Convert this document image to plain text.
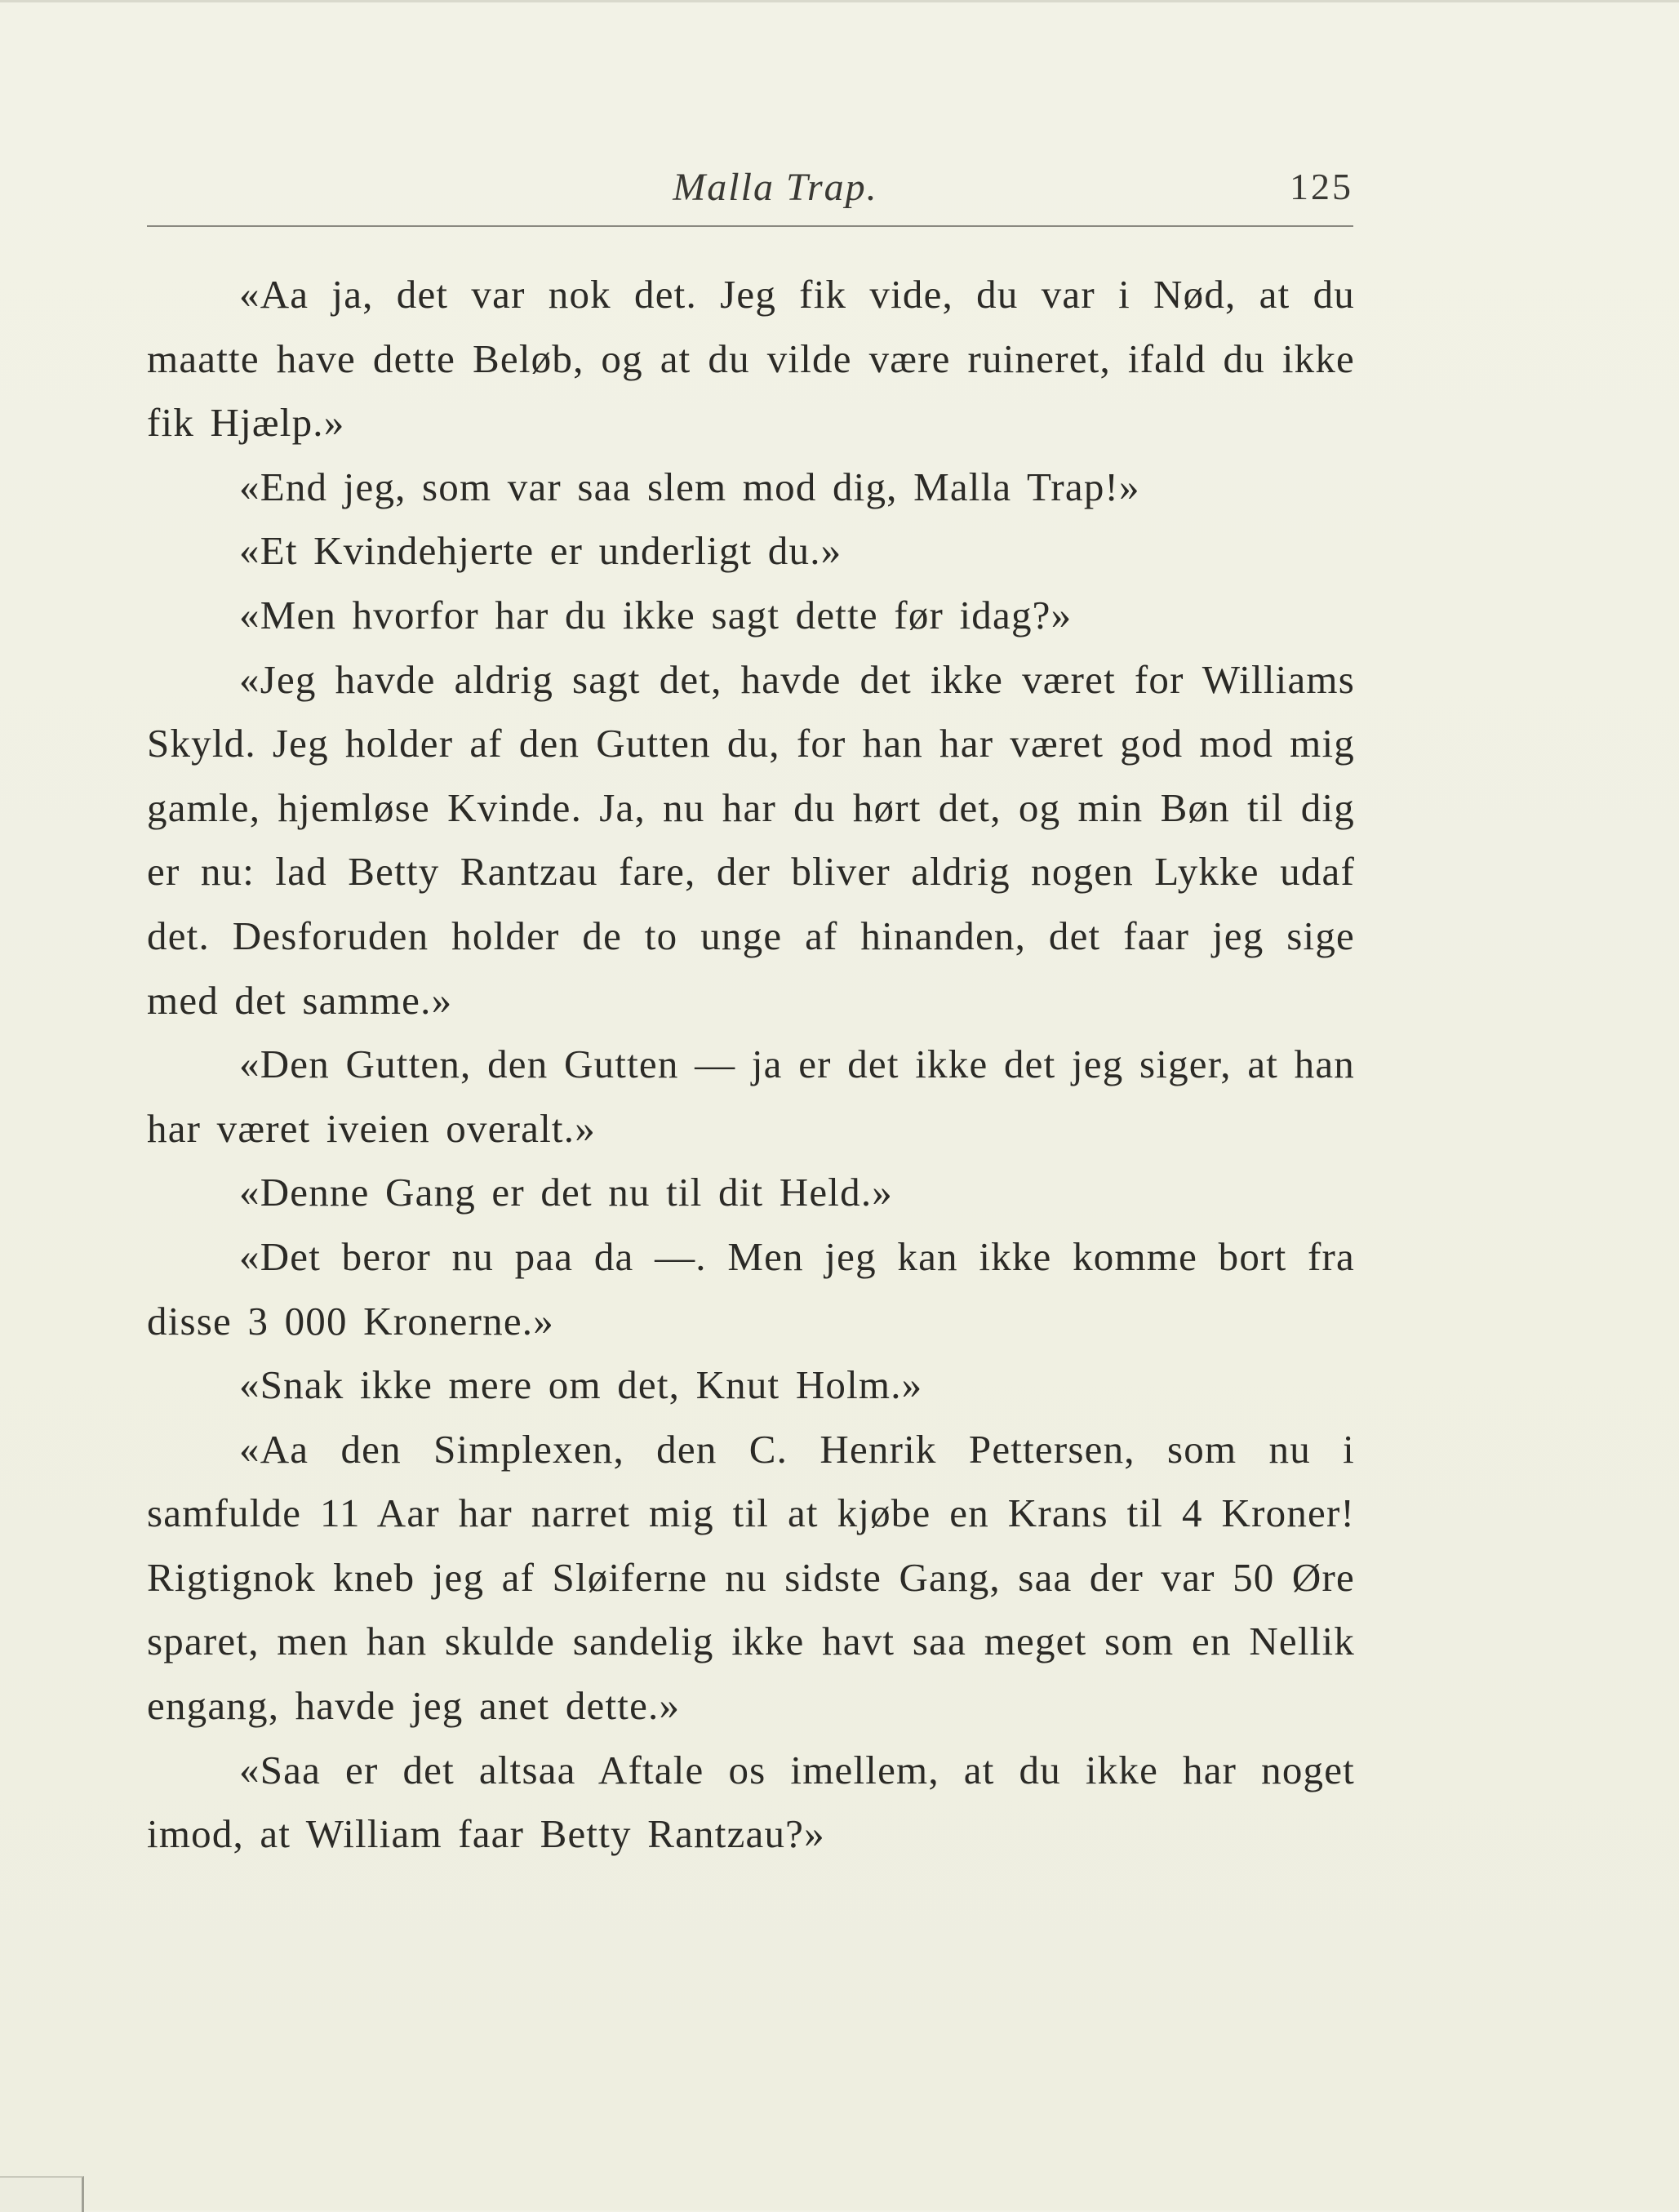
Malla Trap.	125

«Aa ja, det var nok det. Jeg fik vide, du var i Nød, at du maatte have dette Beløb, og at du vilde være ruineret, ifald du ikke fik Hjælp.»

«End jeg, som var saa slem mod dig, Malla Trap!»

«Et Kvindehjerte er underligt du.»

«Men hvorfor har du ikke sagt dette før idag?»

«Jeg havde aldrig sagt det, havde det ikke været for Williams Skyld. Jeg holder af den Gutten du, for han har været god mod mig gamle, hjemløse Kvinde. Ja, nu har du hørt det, og min Bøn til dig er nu: lad Betty Rantzau fare, der bliver aldrig nogen Lykke udaf det. Desforuden holder de to unge af hinanden, det faar jeg sige med det samme.»

«Den Gutten, den Gutten — ja er det ikke det jeg siger, at han har været iveien overalt.»

«Denne Gang er det nu til dit Held.»

«Det beror nu paa da —. Men jeg kan ikke komme bort fra disse 3 000 Kronerne.»

«Snak ikke mere om det, Knut Holm.»

«Aa den Simplexen, den C. Henrik Pettersen, som nu i samfulde 11 Aar har narret mig til at kjøbe en Krans til 4 Kroner! Rigtignok kneb jeg af Sløiferne nu sidste Gang, saa der var 50 Øre sparet, men han skulde sandelig ikke havt saa meget som en Nellik engang, havde jeg anet dette.»

«Saa er det altsaa Aftale os imellem, at du ikke har noget imod, at William faar Betty Rantzau?»
